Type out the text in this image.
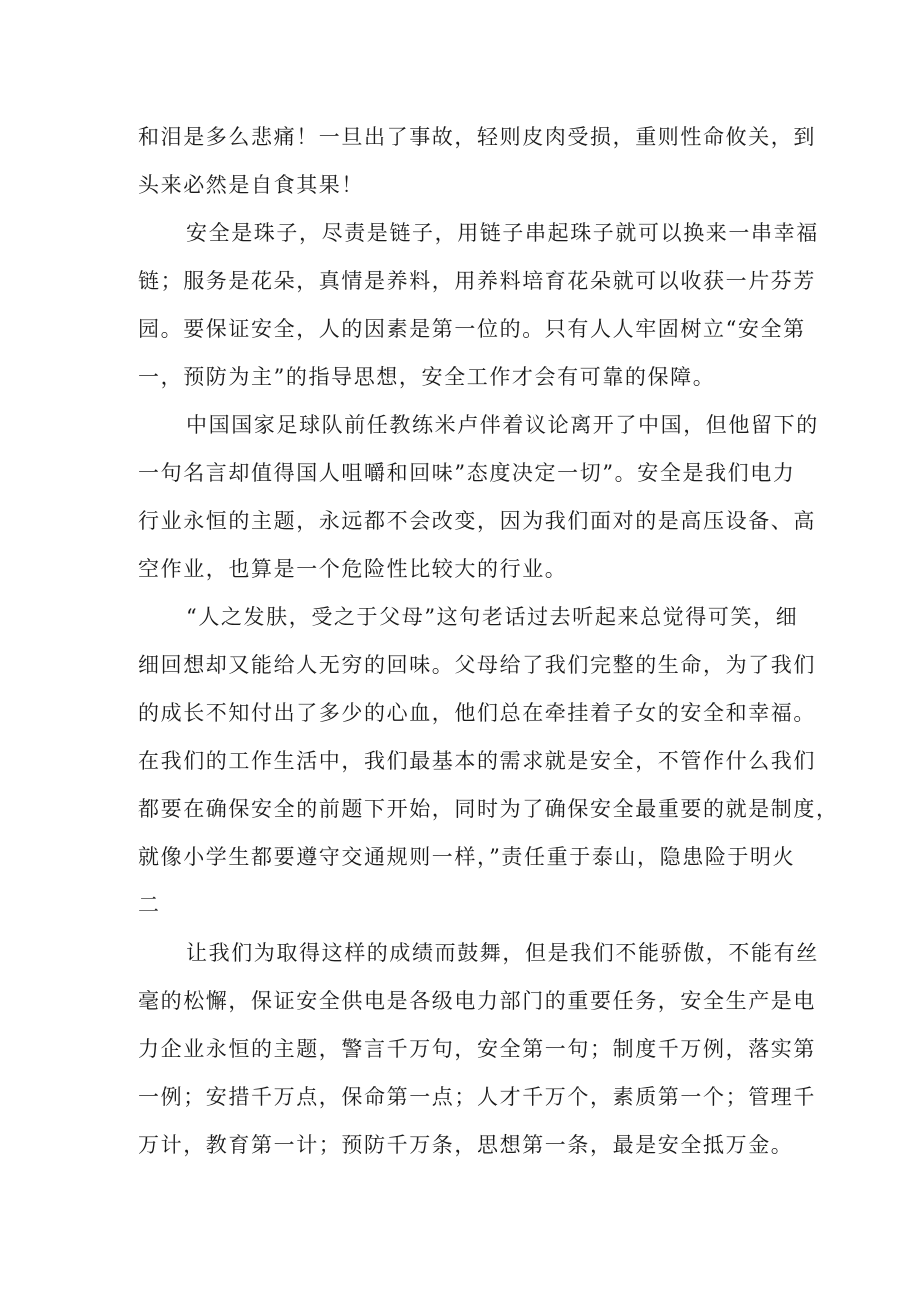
和泪是多么悲痛！一旦出了事故，轻则皮肉受损，重则性命攸关，到
头来必然是自食其果！
安全是珠子，尽责是链子，用链子串起珠子就可以换来一串幸福
链；服务是花朵，真情是养料，用养料培育花朵就可以收获一片芬芳
园。要保证安全，人的因素是第一位的。只有人人牢固树立“安全第
一，预防为主”的指导思想，安全工作才会有可靠的保障。
中国国家足球队前任教练米卢伴着议论离开了中国，但他留下的
一句名言却值得国人咀嚼和回味”态度决定一切”。安全是我们电力
行业永恒的主题，永远都不会改变，因为我们面对的是高压设备、高
空作业，也算是一个危险性比较大的行业。
“人之发肤，受之于父母”这句老话过去听起来总觉得可笑，细
细回想却又能给人无穷的回味。父母给了我们完整的生命，为了我们
的成长不知付出了多少的心血，他们总在牵挂着子女的安全和幸福。
在我们的工作生活中，我们最基本的需求就是安全，不管作什么我们
都要在确保安全的前题下开始，同时为了确保安全最重要的就是制度，
就像小学生都要遵守交通规则一样，”责任重于泰山，隐患险于明火
二
让我们为取得这样的成绩而鼓舞，但是我们不能骄傲，不能有丝
毫的松懈，保证安全供电是各级电力部门的重要任务，安全生产是电
力企业永恒的主题，警言千万句，安全第一句；制度千万例，落实第
一例；安措千万点，保命第一点；人才千万个，素质第一个；管理千
万计，教育第一计；预防千万条，思想第一条，最是安全抵万金。
